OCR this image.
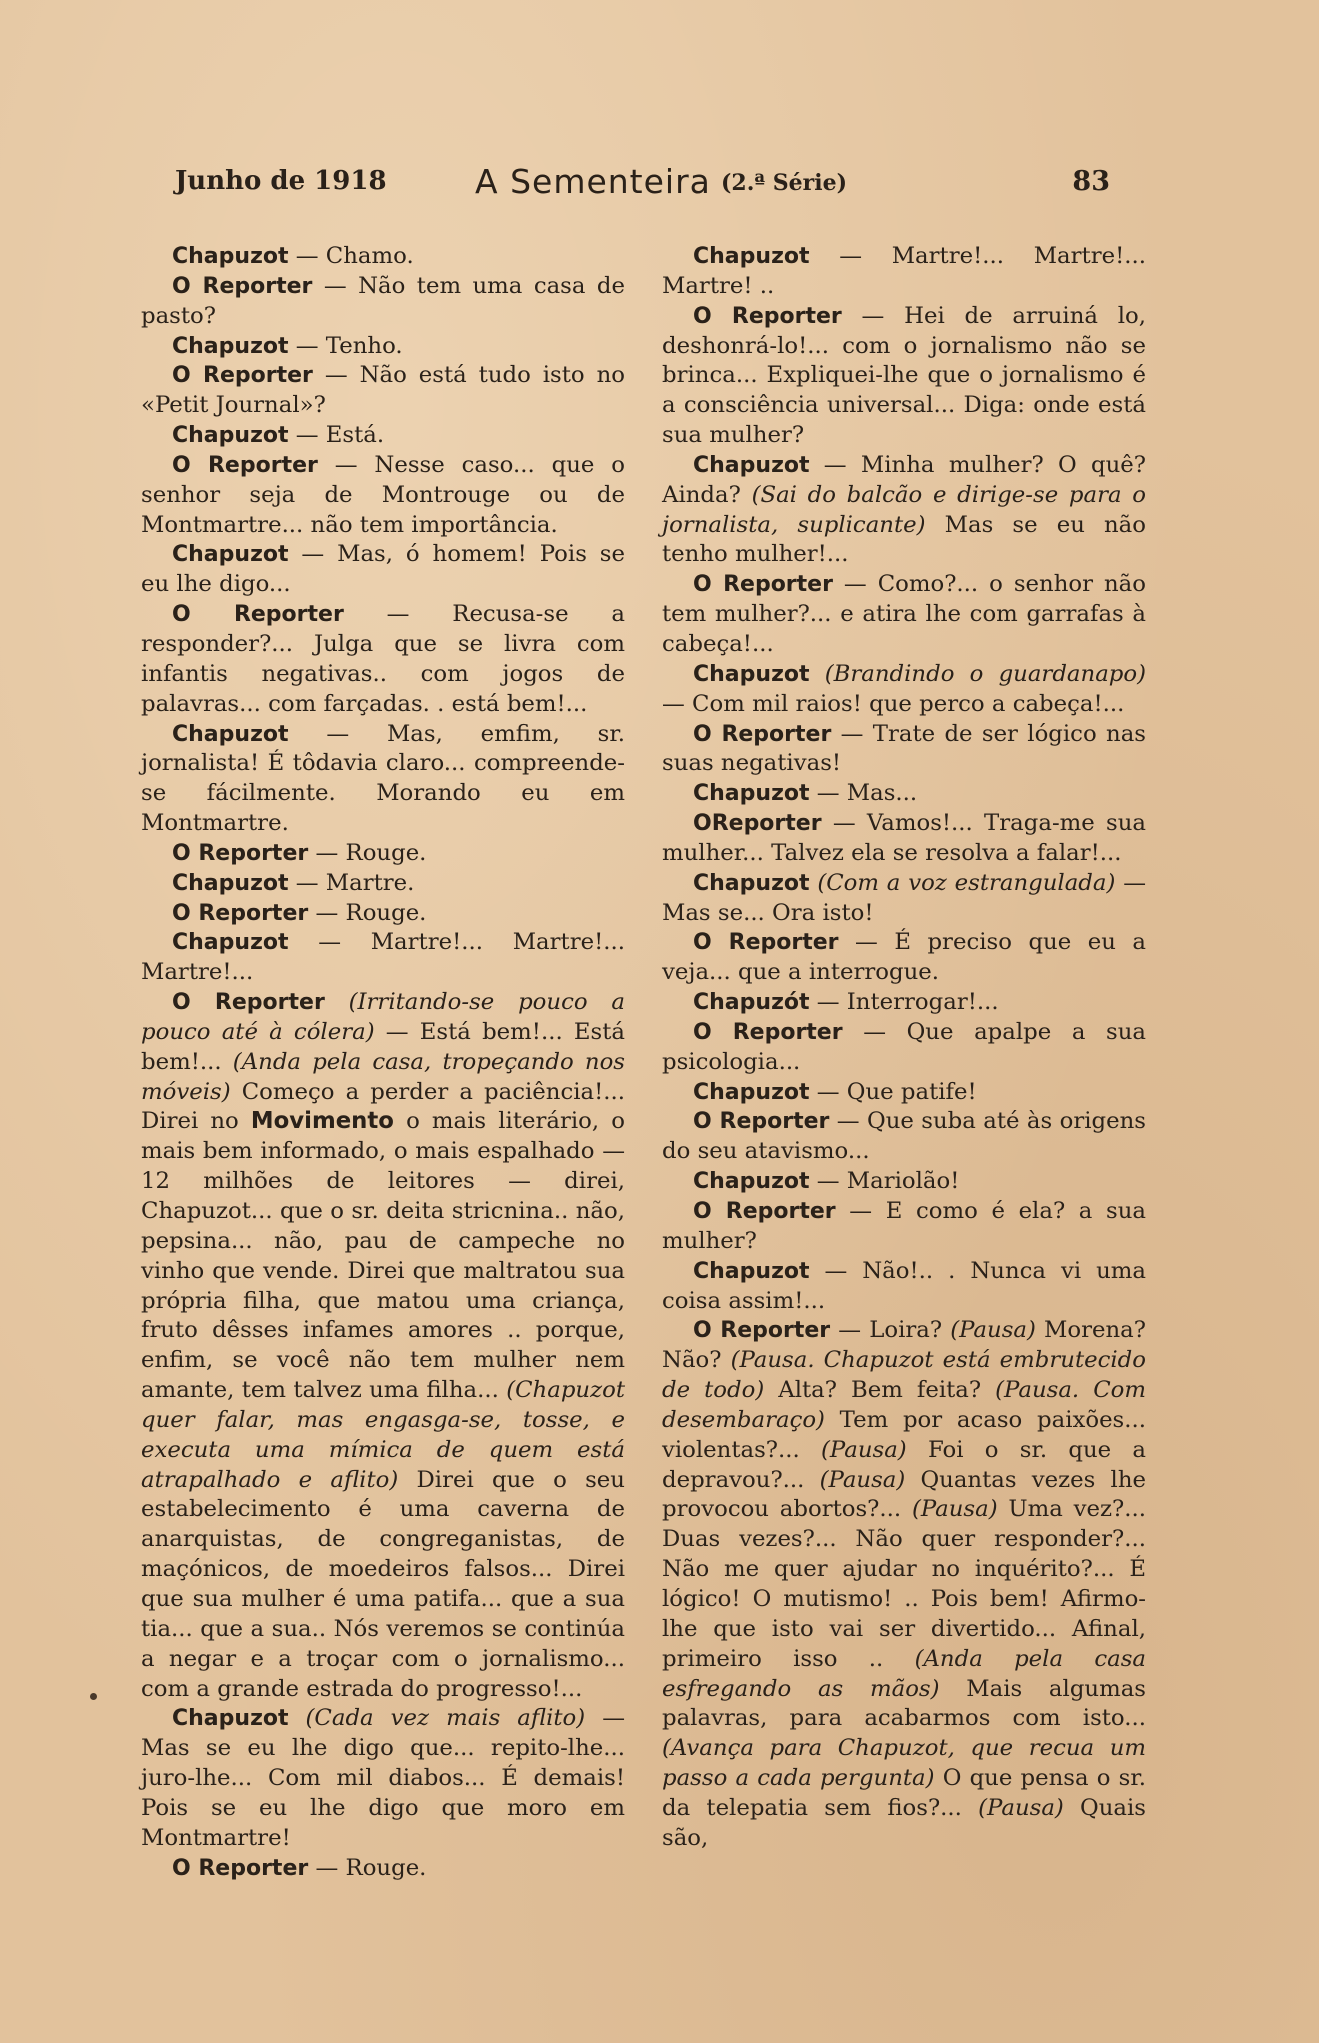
Junho de 1918	A Sementeira (2.ª Série)	83

Chapuzot — Chamo.

O Reporter — Não tem uma casa de pasto?

Chapuzot — Tenho.

O Reporter — Não está tudo isto no «Petit Journal»?

Chapuzot — Está.

O Reporter — Nesse caso... que o senhor seja de Montrouge ou de Montmartre... não tem importância.

Chapuzot — Mas, ó homem! Pois se eu lhe digo...

O Reporter — Recusa-se a responder?... Julga que se livra com infantis negativas.. com jogos de palavras... com farçadas. . está bem!...

Chapuzot — Mas, emfim, sr. jornalista! É tôdavia claro... compreende-se fácilmente. Morando eu em Montmartre.

O Reporter — Rouge.

Chapuzot — Martre.

O Reporter — Rouge.

Chapuzot — Martre!... Martre!... Martre!...

O Reporter (Irritando-se pouco a pouco até à cólera) — Está bem!... Está bem!... (Anda pela casa, tropeçando nos móveis) Começo a perder a paciência!... Direi no Movimento o mais literário, o mais bem informado, o mais espalhado — 12 milhões de leitores — direi, Chapuzot... que o sr. deita stricnina.. não, pepsina... não, pau de campeche no vinho que vende. Direi que maltratou sua própria filha, que matou uma criança, fruto dêsses infames amores .. porque, enfim, se você não tem mulher nem amante, tem talvez uma filha... (Chapuzot quer falar, mas engasga-se, tosse, e executa uma mímica de quem está atrapalhado e aflito) Direi que o seu estabelecimento é uma caverna de anarquistas, de congreganistas, de maçónicos, de moedeiros falsos... Direi que sua mulher é uma patifa... que a sua tia... que a sua.. Nós veremos se continúa a negar e a troçar com o jornalismo... com a grande estrada do progresso!...

Chapuzot (Cada vez mais aflito) — Mas se eu lhe digo que... repito-lhe... juro-lhe... Com mil diabos... É demais! Pois se eu lhe digo que moro em Montmartre!

O Reporter — Rouge.

Chapuzot — Martre!... Martre!... Martre! ..

O Reporter — Hei de arruiná lo, deshonrá-lo!... com o jornalismo não se brinca... Expliquei-lhe que o jornalismo é a consciência universal... Diga: onde está sua mulher?

Chapuzot — Minha mulher? O quê? Ainda? (Sai do balcão e dirige-se para o jornalista, suplicante) Mas se eu não tenho mulher!...

O Reporter — Como?... o senhor não tem mulher?... e atira lhe com garrafas à cabeça!...

Chapuzot (Brandindo o guardanapo) — Com mil raios! que perco a cabeça!...

O Reporter — Trate de ser lógico nas suas negativas!

Chapuzot — Mas...

OReporter — Vamos!... Traga-me sua mulher... Talvez ela se resolva a falar!...

Chapuzot (Com a voz estrangulada) — Mas se... Ora isto!

O Reporter — É preciso que eu a veja... que a interrogue.

Chapuzót — Interrogar!...

O Reporter — Que apalpe a sua psicologia...

Chapuzot — Que patife!

O Reporter — Que suba até às origens do seu atavismo...

Chapuzot — Mariolão!

O Reporter — E como é ela? a sua mulher?

Chapuzot — Não!.. . Nunca vi uma coisa assim!...

O Reporter — Loira? (Pausa) Morena? Não? (Pausa. Chapuzot está embrutecido de todo) Alta? Bem feita? (Pausa. Com desembaraço) Tem por acaso paixões... violentas?... (Pausa) Foi o sr. que a depravou?... (Pausa) Quantas vezes lhe provocou abortos?... (Pausa) Uma vez?... Duas vezes?... Não quer responder?... Não me quer ajudar no inquérito?... É lógico! O mutismo! .. Pois bem! Afirmo-lhe que isto vai ser divertido... Afinal, primeiro isso .. (Anda pela casa esfregando as mãos) Mais algumas palavras, para acabarmos com isto... (Avança para Chapuzot, que recua um passo a cada pergunta) O que pensa o sr. da telepatia sem fios?... (Pausa) Quais são,
